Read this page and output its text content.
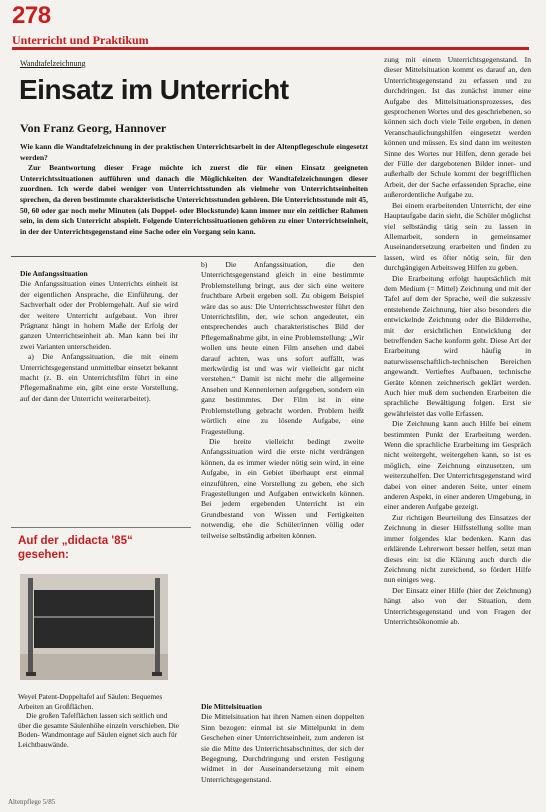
278
Unterricht und Praktikum
Wandtafelzeichnung
Einsatz im Unterricht
Von Franz Georg, Hannover

Wie kann die Wandtafelzeichnung in der praktischen Unterrichtsarbeit in der Altenpflegeschule eingesetzt werden?

Zur Beantwortung dieser Frage möchte ich zuerst die für einen Einsatz geeigneten Unterrichtssituationen aufführen und danach die Möglichkeiten der Wandtafelzeichnungen dieser zuordnen. Ich werde dabei weniger von Unterrichtsstunden als vielmehr von Unterrichtseinheiten sprechen, da deren bestimmte charakteristische Unterrichtsstunden gehören. Die Unterrichtsstunde mit 45, 50, 60 oder gar noch mehr Minuten (als Doppel- oder Blockstunde) kann immer nur ein zeitlicher Rahmen sein, in dem sich Unterricht abspielt. Folgende Unterrichtssituationen gehören zu einer Unterrichtseinheit, in der der Unterrichtsgegenstand eine Sache oder ein Vorgang sein kann.

Die Anfangssituation

Die Anfangssituation eines Unterrichts einheit ist der eigentlichen Ansprache, die Einführung, der Sachverhalt oder der Problemgehalt. Auf sie wird der weitere Unterricht aufgebaut. Von ihrer Prägnanz hängt in hohem Maße der Erfolg der ganzen Unterrichtseinheit ab. Man kann bei ihr zwei Varianten unterscheiden.

a) Die Anfangssituation, die mit einem Unterrichtsgegenstand unmittelbar einsetzt bekannt macht (z. B. ein Unterrichtsfilm führt in eine Pflegemaßnahme ein, gibt eine erste Vorstellung, auf der dann der Unterricht weiterarbeitet).

Auf der „didacta '85“ gesehen:

Weyel Patent-Doppeltafel auf Säulen: Bequemes Arbeiten an Großflächen.

Die großen Tafelflächen lassen sich seitlich und über die gesamte Säulenhöhe einzeln verschieben. Die Boden- Wandmontage auf Säulen eignet sich auch für Leichtbauwände.

b) Die Anfangssituation, die den Unterrichtsgegenstand gleich in eine bestimmte Problemstellung bringt, aus der sich eine weitere fruchtbare Arbeit ergeben soll. Zu obigem Beispiel wäre das so aus: Die Unterrichtsschwester führt den Unterrichtsfilm, der, wie schon angedeutet, ein entsprechendes auch charakteristisches Bild der Pflegemaßnahme gibt, in eine Problemstellung: „Wir wollen uns heute einen Film ansehen und dabei darauf achten, was uns sofort auffällt, was merkwürdig ist und was wir vielleicht gar nicht verstehen.“ Damit ist nicht mehr die allgemeine Ansehen und Kennenlernen aufgegeben, sondern ein ganz bestimmtes. Der Film ist in eine Problemstellung gebracht worden. Problem heißt wörtlich eine zu lösende Aufgabe, eine Fragestellung.

Die breite vielleicht bedingt zweite Anfangssituation wird die erste nicht verdrängen können, da es immer wieder nötig sein wird, in eine Aufgabe, in ein Gebiet überhaupt erst einmal einzuführen, eine Vorstellung zu geben, ehe sich Fragestellungen und Aufgaben entwickeln können. Bei jedem ergebenden Unterricht ist ein Grundbestand von Wissen und Fertigkeiten notwendig, ehe die Schüler/innen völlig oder teilweise selbständig arbeiten können.

Die Mittelsituation

Die Mittelsituation hat ihren Namen einen doppelten Sinn bezogen: einmal ist sie Mittelpunkt in dem Geschehen einer Unterrichtseinheit, zum anderen ist sie die Mitte des Unterrichtsabschnittes, der sich der Begegnung, Durchdringung und ersten Festigung widmet in der Auseinandersetzung mit einem Unterrichtsgegenstand.

zung mit einem Unterrichtsgegenstand. In dieser Mittelsituation kommt es darauf an, den Unterrichtsgegenstand zu erfassen und zu durchdringen. Ist das zunächst immer eine Aufgabe des Mittelsituationsprozesses, des gesprochenen Wortes und des geschriebenen, so können sich doch viele Teile ergeben, in denen Veranschaulichungshilfen eingesetzt werden können und müssen. Es sind dann im weitesten Sinne des Wortes nur Hilfen, denn gerade bei der Fülle der dargebotenen Bilder inner- und außerhalb der Schule kommt der begrifflichen Arbeit, der der Sache erfassenden Sprache, eine außerordentliche Aufgabe zu.

Bei einem erarbeitenden Unterricht, der eine Hauptaufgabe darin sieht, die Schüler möglichst viel selbständig tätig sein zu lassen in Allemarbeit, sondern in gemeinsamer Auseinandersetzung erarbeiten und finden zu lassen, wird es öfter nötig sein, für den durchgängigen Arbeitsweg Hilfen zu geben.

Die Erarbeitung erfolgt hauptsächlich mit dem Medium (= Mittel) Zeichnung und mit der Tafel auf dem der Sprache, weil die sukzessiv entstehende Zeichnung, hier also besonders die entwickelnde Zeichnung oder die Bilderreihe, mit der ersichtlichen Entwicklung der betreffenden Sache konform geht. Diese Art der Erarbeitung wird häufig in naturwissenschaftlich-technischen Bereichen angewandt. Vertieftes Aufbauen, technische Geräte können zeichnerisch geklärt werden. Auch hier muß dem suchenden Erarbeiten die sprachliche Bewältigung folgen. Erst sie gewährleistet das volle Erfassen.

Die Zeichnung kann auch Hilfe bei einem bestimmten Punkt der Erarbeitung werden. Wenn die sprachliche Erarbeitung im Gespräch nicht weitergeht, weitergehen kann, so ist es möglich, eine Zeichnung einzusetzen, um weiterzuhelfen. Der Unterrichtsgegenstand wird dabei von einer anderen Seite, unter einem anderen Aspekt, in einer anderen Umgebung, in einer anderen Aufgabe gezeigt.

Zur richtigen Beurteilung des Einsatzes der Zeichnung in dieser Hilfsstellung sollte man immer folgendes klar bedenken. Kann das erklärende Lehrerwort besser helfen, setzt man dieses ein: ist die Klärung auch durch die Zeichnung nicht zureichend, so fördert Hilfe nun einiges weg.

Der Einsatz einer Hilfe (hier der Zeichnung) hängt also von der Situation, dem Unterrichtsgegenstand und von Fragen der Unterrichtsökonomie ab.

Altenpflege 5/85
